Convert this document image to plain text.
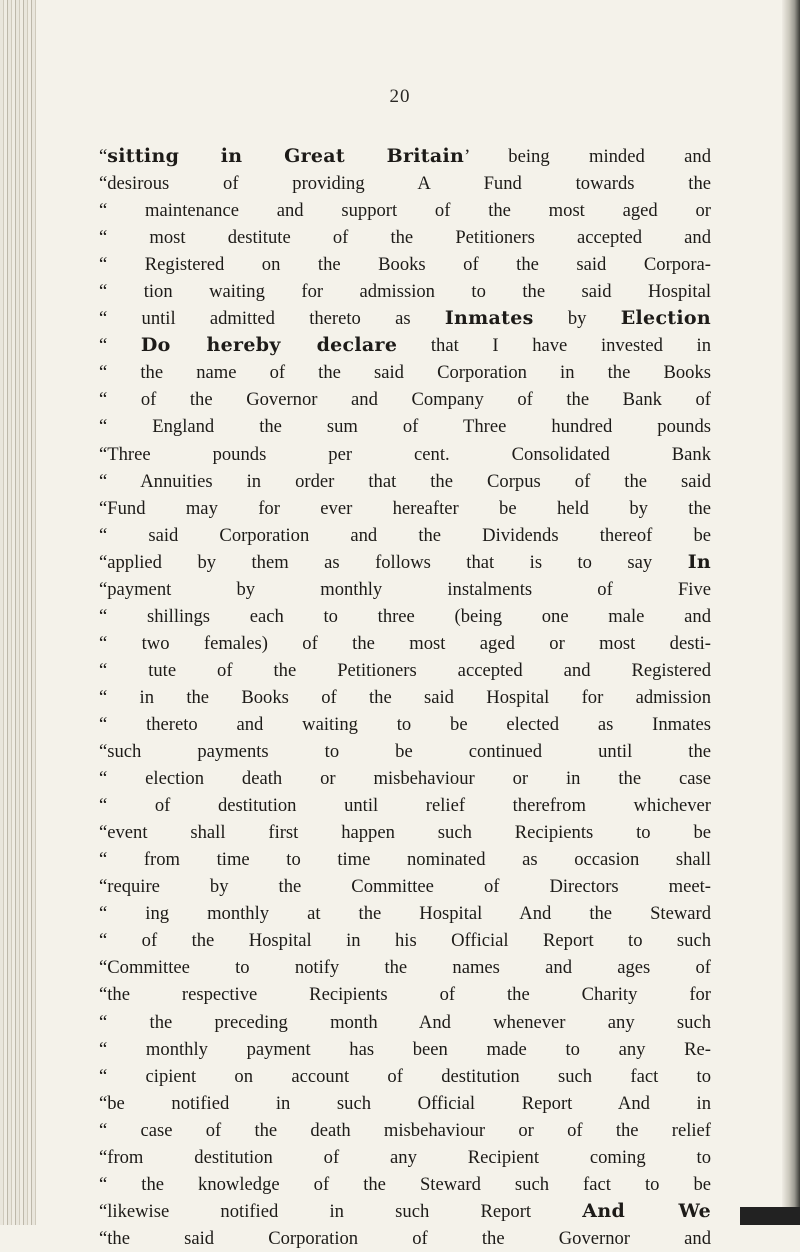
20
“sitting in Great Britain’ being minded and
“desirous of providing A Fund towards the
“ maintenance and support of the most aged or
“ most destitute of the Petitioners accepted and
“ Registered on the Books of the said Corpora-
“ tion waiting for admission to the said Hospital
“ until admitted thereto as Inmates by Election
“ Do hereby declare that I have invested in
“ the name of the said Corporation in the Books
“ of the Governor and Company of the Bank of
“ England the sum of Three hundred pounds
“Three pounds per cent. Consolidated Bank
“ Annuities in order that the Corpus of the said
“Fund may for ever hereafter be held by the
“ said Corporation and the Dividends thereof be
“applied by them as follows that is to say In
“payment by monthly instalments of Five
“ shillings each to three (being one male and
“ two females) of the most aged or most desti-
“ tute of the Petitioners accepted and Registered
“ in the Books of the said Hospital for admission
“ thereto and waiting to be elected as Inmates
“such payments to be continued until the
“ election death or misbehaviour or in the case
“ of destitution until relief therefrom whichever
“event shall first happen such Recipients to be
“ from time to time nominated as occasion shall
“require by the Committee of Directors meet-
“ ing monthly at the Hospital And the Steward
“ of the Hospital in his Official Report to such
“Committee to notify the names and ages of
“the respective Recipients of the Charity for
“ the preceding month And whenever any such
“ monthly payment has been made to any Re-
“ cipient on account of destitution such fact to
“be notified in such Official Report And in
“ case of the death misbehaviour or of the relief
“from destitution of any Recipient coming to
“ the knowledge of the Steward such fact to be
“likewise notified in such Report And We
“the said Corporation of the Governor and
